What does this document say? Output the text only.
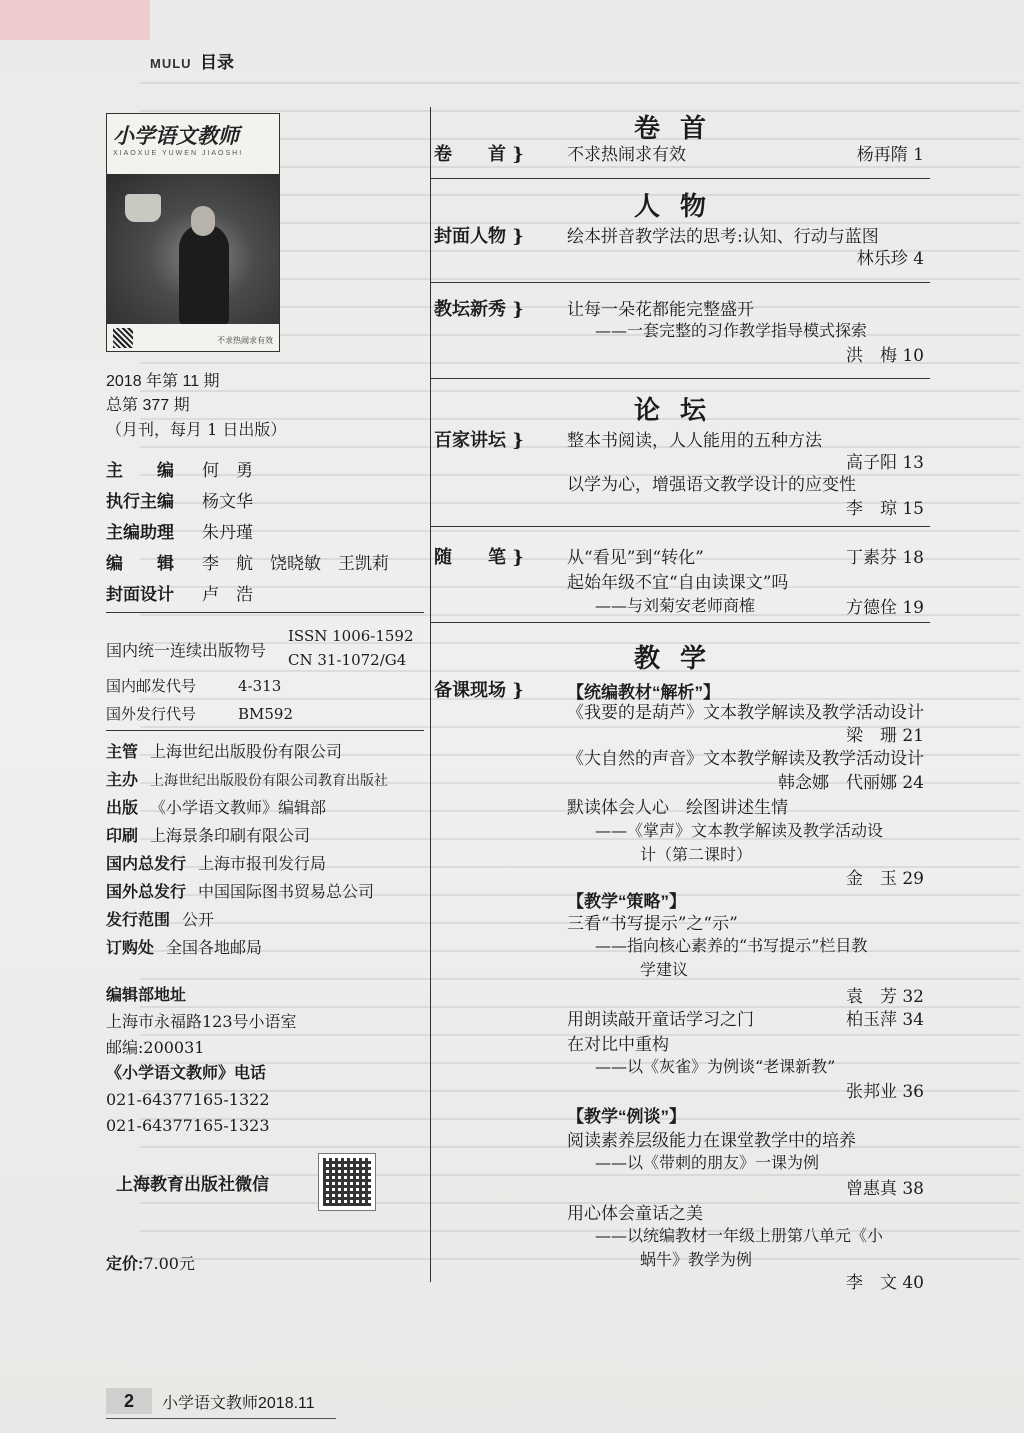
MULU 目录
小学语文教师
XIAOXUE YUWEN JIAOSHI
不求热闹求有效
2018 年第 11 期
总第 377 期
（月刊，每月 1 日出版）
主　　编 何　勇
执行主编 杨文华
主编助理 朱丹瑾
编　　辑 李　航　饶晓敏　王凯莉
封面设计 卢　浩
国内统一连续出版物号
ISSN 1006-1592
CN 31-1072/G4
国内邮发代号	4-313
国外发行代号	BM592
主管 上海世纪出版股份有限公司
主办 上海世纪出版股份有限公司教育出版社
出版 《小学语文教师》编辑部
印刷 上海景条印刷有限公司
国内总发行 上海市报刊发行局
国外总发行 中国国际图书贸易总公司
发行范围 公开
订购处 全国各地邮局
编辑部地址
上海市永福路123号小语室
邮编:200031
《小学语文教师》电话
021-64377165-1322
021-64377165-1323
上海教育出版社微信
定价:7.00元
2	小学语文教师2018.11
卷首
卷　　首 }	不求热闹求有效	杨再隋 1
人物
封面人物 }	绘本拼音教学法的思考:认知、行动与蓝图
林乐珍 4
教坛新秀 }	让每一朵花都能完整盛开
——一套完整的习作教学指导模式探索
洪　梅 10
论坛
百家讲坛 }	整本书阅读，人人能用的五种方法
高子阳 13
以学为心，增强语文教学设计的应变性
李　琼 15
随　　笔 }	从“看见”到“转化”	丁素芬 18
起始年级不宜“自由读课文”吗
——与刘菊安老师商榷	方德佺 19
教学
备课现场 }	【统编教材“解析”】
《我要的是葫芦》文本教学解读及教学活动设计
梁　珊 21
《大自然的声音》文本教学解读及教学活动设计
韩念娜　代丽娜 24
默读体会人心　绘图讲述生情
——《掌声》文本教学解读及教学活动设
计（第二课时）
金　玉 29
【教学“策略”】
三看“书写提示”之“示”
——指向核心素养的“书写提示”栏目教
学建议
袁　芳 32
用朗读敲开童话学习之门	柏玉萍 34
在对比中重构
——以《灰雀》为例谈“老课新教”
张邦业 36
【教学“例谈”】
阅读素养层级能力在课堂教学中的培养
——以《带刺的朋友》一课为例
曾惠真 38
用心体会童话之美
——以统编教材一年级上册第八单元《小
蜗牛》教学为例
李　文 40
